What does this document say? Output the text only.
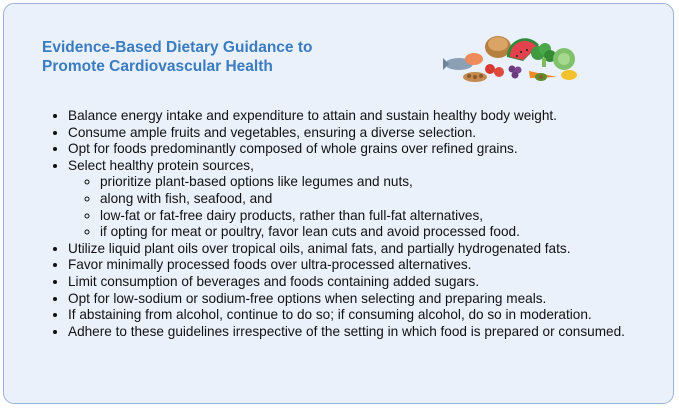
Evidence-Based Dietary Guidance to
Promote Cardiovascular Health
• Balance energy intake and expenditure to attain and sustain healthy body weight.
• Consume ample fruits and vegetables, ensuring a diverse selection.
• Opt for foods predominantly composed of whole grains over refined grains.
• Select healthy protein sources,
◦ prioritize plant-based options like legumes and nuts,
◦ along with fish, seafood, and
◦ low-fat or fat-free dairy products, rather than full-fat alternatives,
◦ if opting for meat or poultry, favor lean cuts and avoid processed food.
• Utilize liquid plant oils over tropical oils, animal fats, and partially hydrogenated fats.
• Favor minimally processed foods over ultra-processed alternatives.
• Limit consumption of beverages and foods containing added sugars.
• Opt for low-sodium or sodium-free options when selecting and preparing meals.
• If abstaining from alcohol, continue to do so; if consuming alcohol, do so in moderation.
• Adhere to these guidelines irrespective of the setting in which food is prepared or consumed.
